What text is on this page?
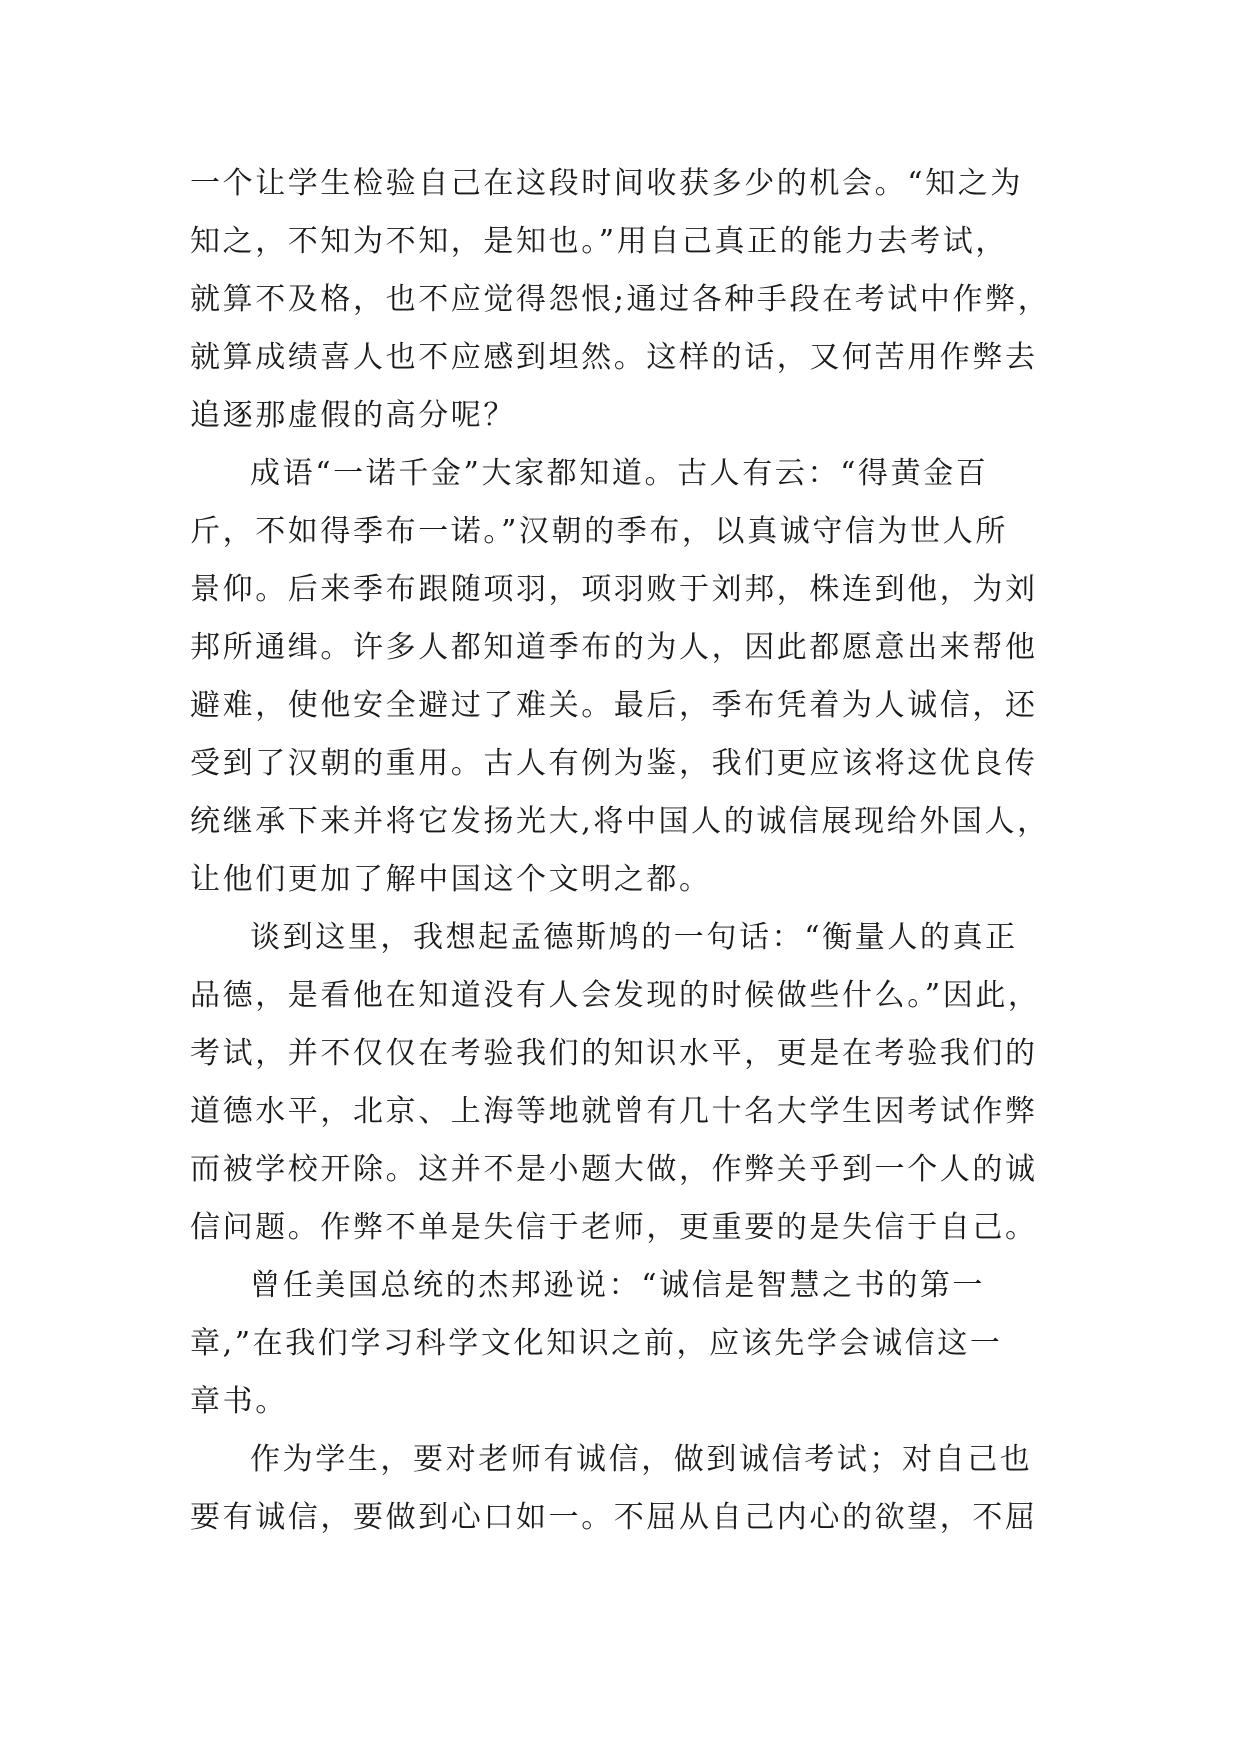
一个让学生检验自己在这段时间收获多少的机会。“知之为
知之，不知为不知，是知也。”用自己真正的能力去考试，
就算不及格，也不应觉得怨恨;通过各种手段在考试中作弊，
就算成绩喜人也不应感到坦然。这样的话，又何苦用作弊去
追逐那虚假的高分呢？
成语“一诺千金”大家都知道。古人有云：“得黄金百
斤，不如得季布一诺。”汉朝的季布，以真诚守信为世人所
景仰。后来季布跟随项羽，项羽败于刘邦，株连到他，为刘
邦所通缉。许多人都知道季布的为人，因此都愿意出来帮他
避难，使他安全避过了难关。最后，季布凭着为人诚信，还
受到了汉朝的重用。古人有例为鉴，我们更应该将这优良传
统继承下来并将它发扬光大,将中国人的诚信展现给外国人，
让他们更加了解中国这个文明之都。
谈到这里，我想起孟德斯鸠的一句话：“衡量人的真正
品德，是看他在知道没有人会发现的时候做些什么。”因此，
考试，并不仅仅在考验我们的知识水平，更是在考验我们的
道德水平，北京、上海等地就曾有几十名大学生因考试作弊
而被学校开除。这并不是小题大做，作弊关乎到一个人的诚
信问题。作弊不单是失信于老师，更重要的是失信于自己。
曾任美国总统的杰邦逊说：“诚信是智慧之书的第一
章,”在我们学习科学文化知识之前，应该先学会诚信这一
章书。
作为学生，要对老师有诚信，做到诚信考试；对自己也
要有诚信，要做到心口如一。不屈从自己内心的欲望，不屈
